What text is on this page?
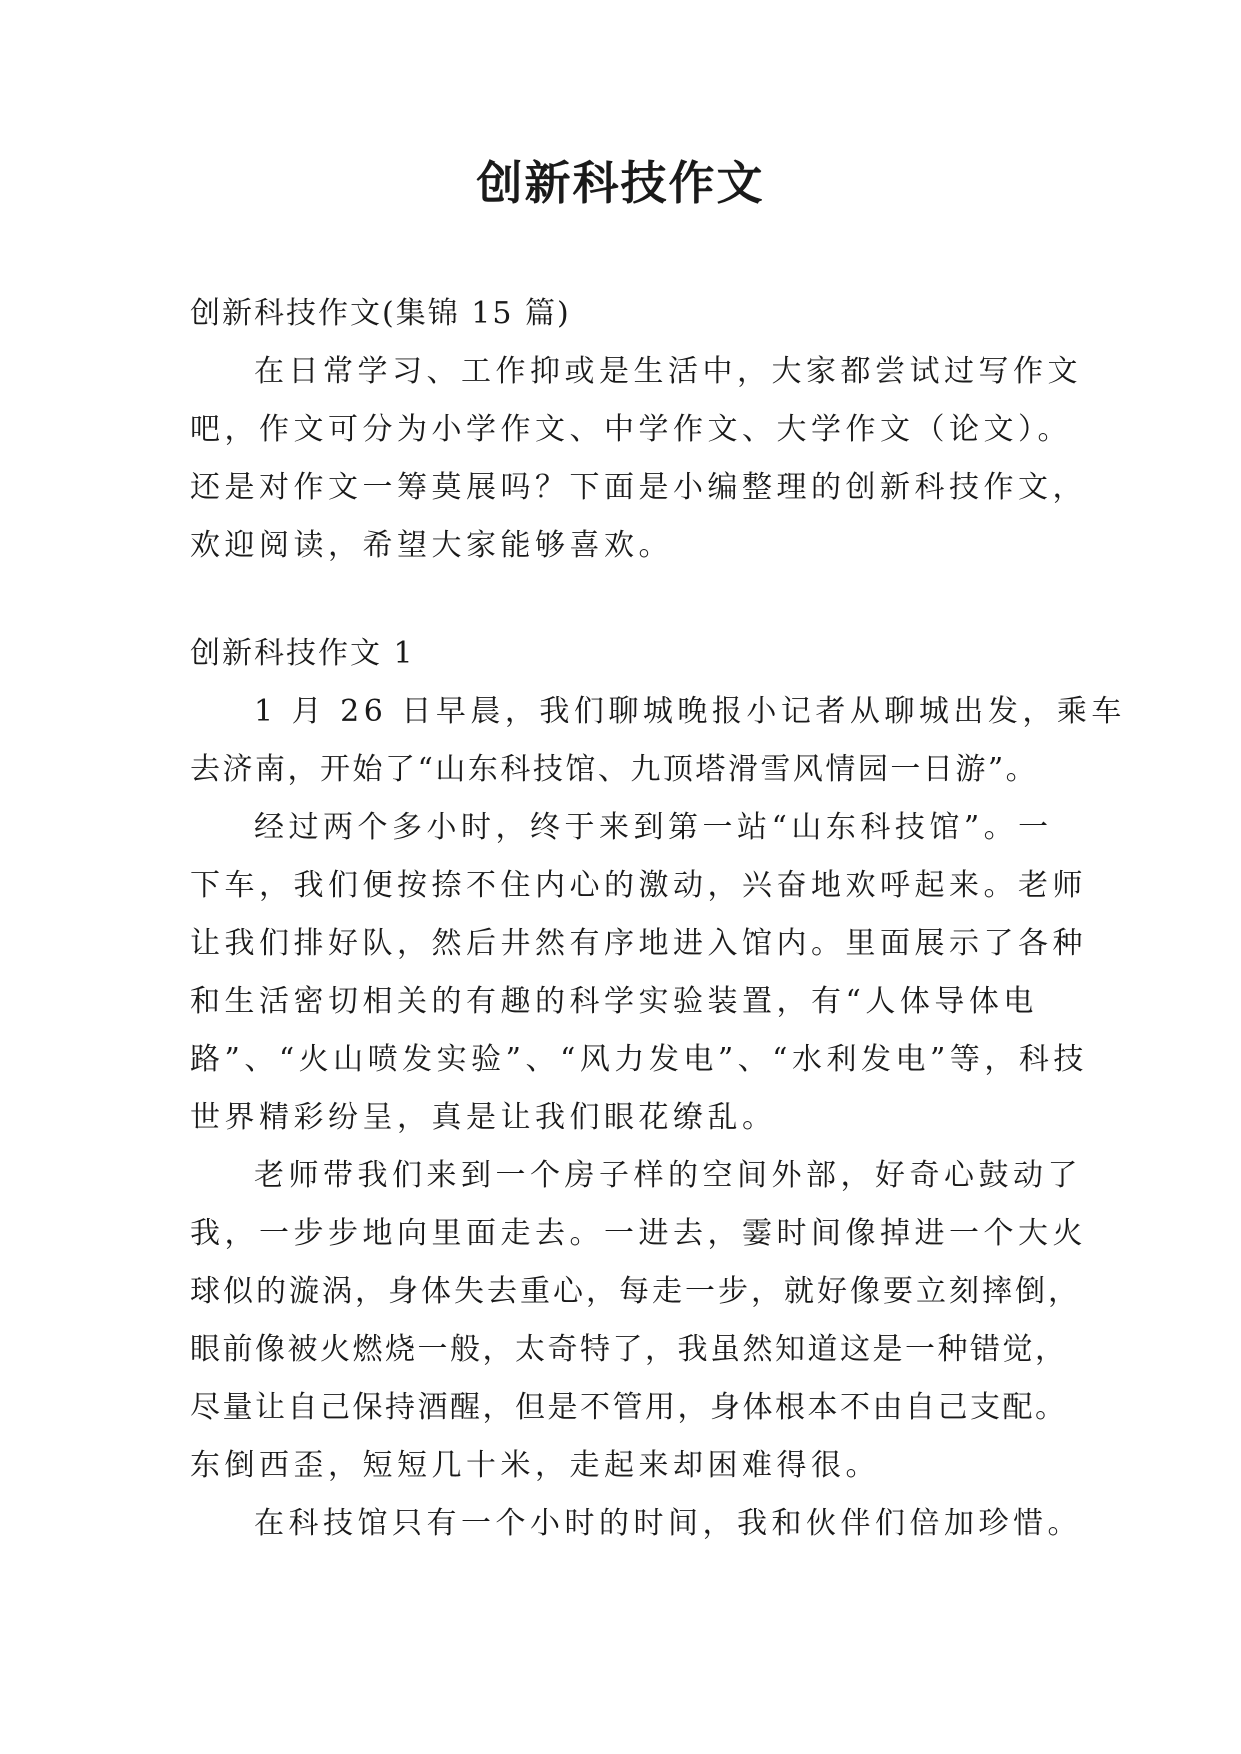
创新科技作文
创新科技作文(集锦 15 篇)
在日常学习、工作抑或是生活中，大家都尝试过写作文
吧，作文可分为小学作文、中学作文、大学作文（论文）。
还是对作文一筹莫展吗？下面是小编整理的创新科技作文，
欢迎阅读，希望大家能够喜欢。
创新科技作文 1
1 月 26 日早晨，我们聊城晚报小记者从聊城出发，乘车
去济南，开始了“山东科技馆、九顶塔滑雪风情园一日游”。
经过两个多小时，终于来到第一站“山东科技馆”。一
下车，我们便按捺不住内心的激动，兴奋地欢呼起来。老师
让我们排好队，然后井然有序地进入馆内。里面展示了各种
和生活密切相关的有趣的科学实验装置，有“人体导体电
路”、“火山喷发实验”、“风力发电”、“水利发电”等，科技
世界精彩纷呈，真是让我们眼花缭乱。
老师带我们来到一个房子样的空间外部，好奇心鼓动了
我，一步步地向里面走去。一进去，霎时间像掉进一个大火
球似的漩涡，身体失去重心，每走一步，就好像要立刻摔倒，
眼前像被火燃烧一般，太奇特了，我虽然知道这是一种错觉，
尽量让自己保持酒醒，但是不管用，身体根本不由自己支配。
东倒西歪，短短几十米，走起来却困难得很。
在科技馆只有一个小时的时间，我和伙伴们倍加珍惜。
